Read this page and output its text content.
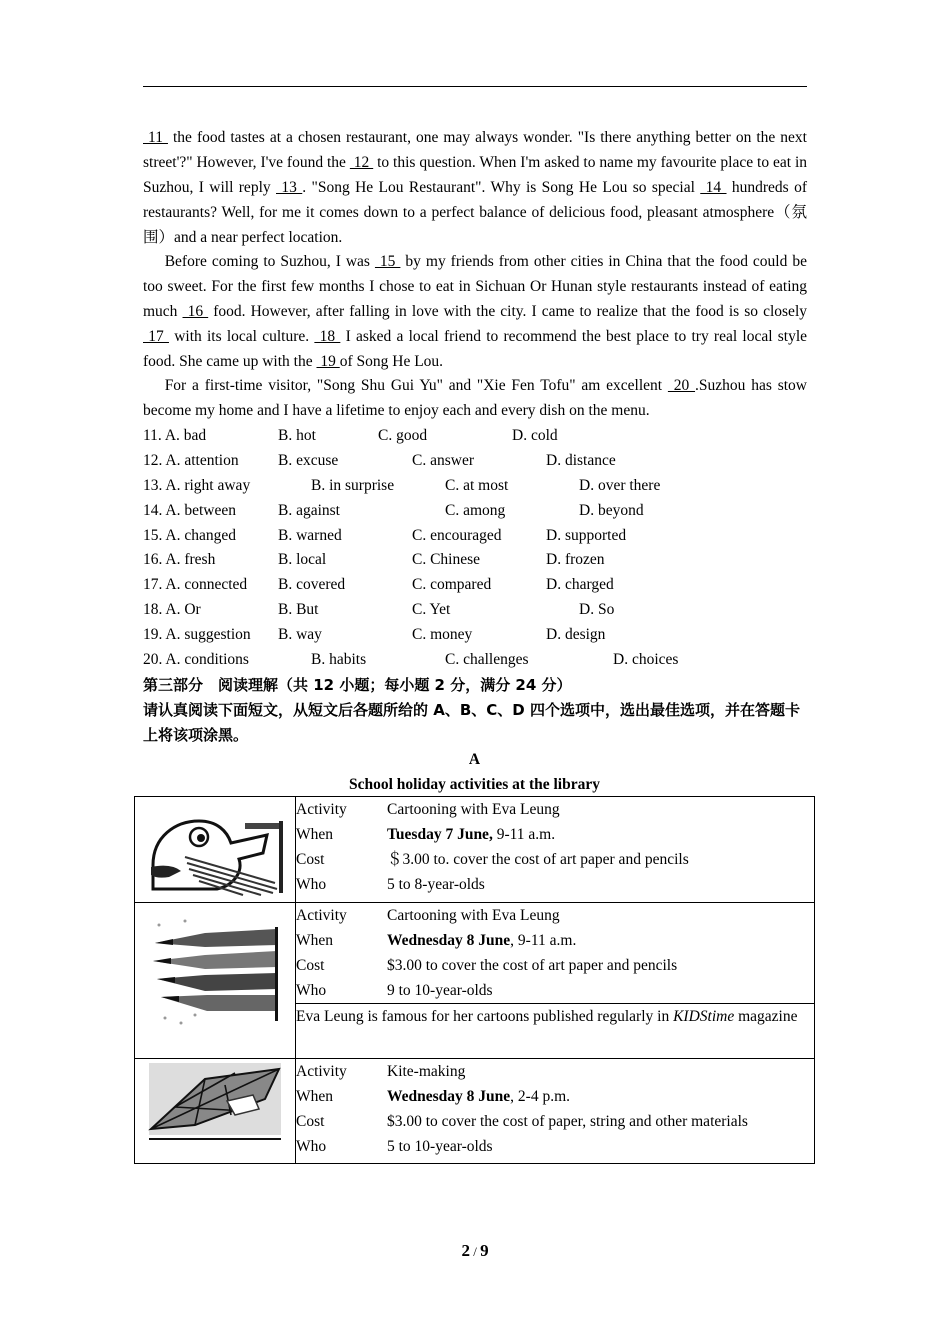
11  the food tastes at a chosen restaurant, one may always wonder. "Is there anything better on the next street'?" However, I've found the  12  to this question. When I'm asked to name my favourite place to eat in Suzhou, I will reply  13 . "Song He Lou Restaurant". Why is Song He Lou so special  14  hundreds of restaurants? Well, for me it comes down to a perfect balance of delicious food, pleasant atmosphere（氛围）and a near perfect location.

Before coming to Suzhou, I was  15  by my friends from other cities in China that the food could be too sweet. For the first few months I chose to eat in Sichuan Or Hunan style restaurants instead of eating much  16  food. However, after falling in love with the city. I came to realize that the food is so closely  17  with its local culture.  18  I asked a local friend to recommend the best place to try real local style food. She came up with the  19 of Song He Lou.

For a first-time visitor, "Song Shu Gui Yu" and "Xie Fen Tofu" am excellent  20 .Suzhou has stow become my home and I have a lifetime to enjoy each and every dish on the menu.

11. A. bad	B. hot	C. good	D. cold
12. A. attention	B. excuse	C. answer	D. distance
13. A. right away	B. in surprise	C. at most	D. over there
14. A. between	B. against	C. among	D. beyond
15. A. changed	B. warned	C. encouraged	D. supported
16. A. fresh	B. local	C. Chinese	D. frozen
17. A. connected B. covered	C. compared	D. charged
18. A. Or	B. But	C. Yet	D. So
19. A. suggestion B. way	C. money	D. design
20. A. conditions	B. habits	C. challenges	D. choices

第三部分　阅读理解（共 12 小题；每小题 2 分，满分 24 分）

请认真阅读下面短文，从短文后各题所给的 A、B、C、D 四个选项中，选出最佳选项，并在答题卡上将该项涂黑。

A
School holiday activities at the library

Activity	Cartooning with Eva Leung
When	Tuesday 7 June, 9-11 a.m.
Cost	＄3.00 to. cover the cost of art paper and pencils
Who	5 to 8-year-olds

Activity	Cartooning with Eva Leung
When	Wednesday 8 June, 9-11 a.m.
Cost	$3.00 to cover the cost of art paper and pencils
Who	9 to 10-year-olds
Eva Leung is famous for her cartoons published regularly in KIDStime magazine

Activity	Kite-making
When	Wednesday 8 June, 2-4 p.m.
Cost	$3.00 to cover the cost of paper, string and other materials
Who	5 to 10-year-olds
2 / 9
